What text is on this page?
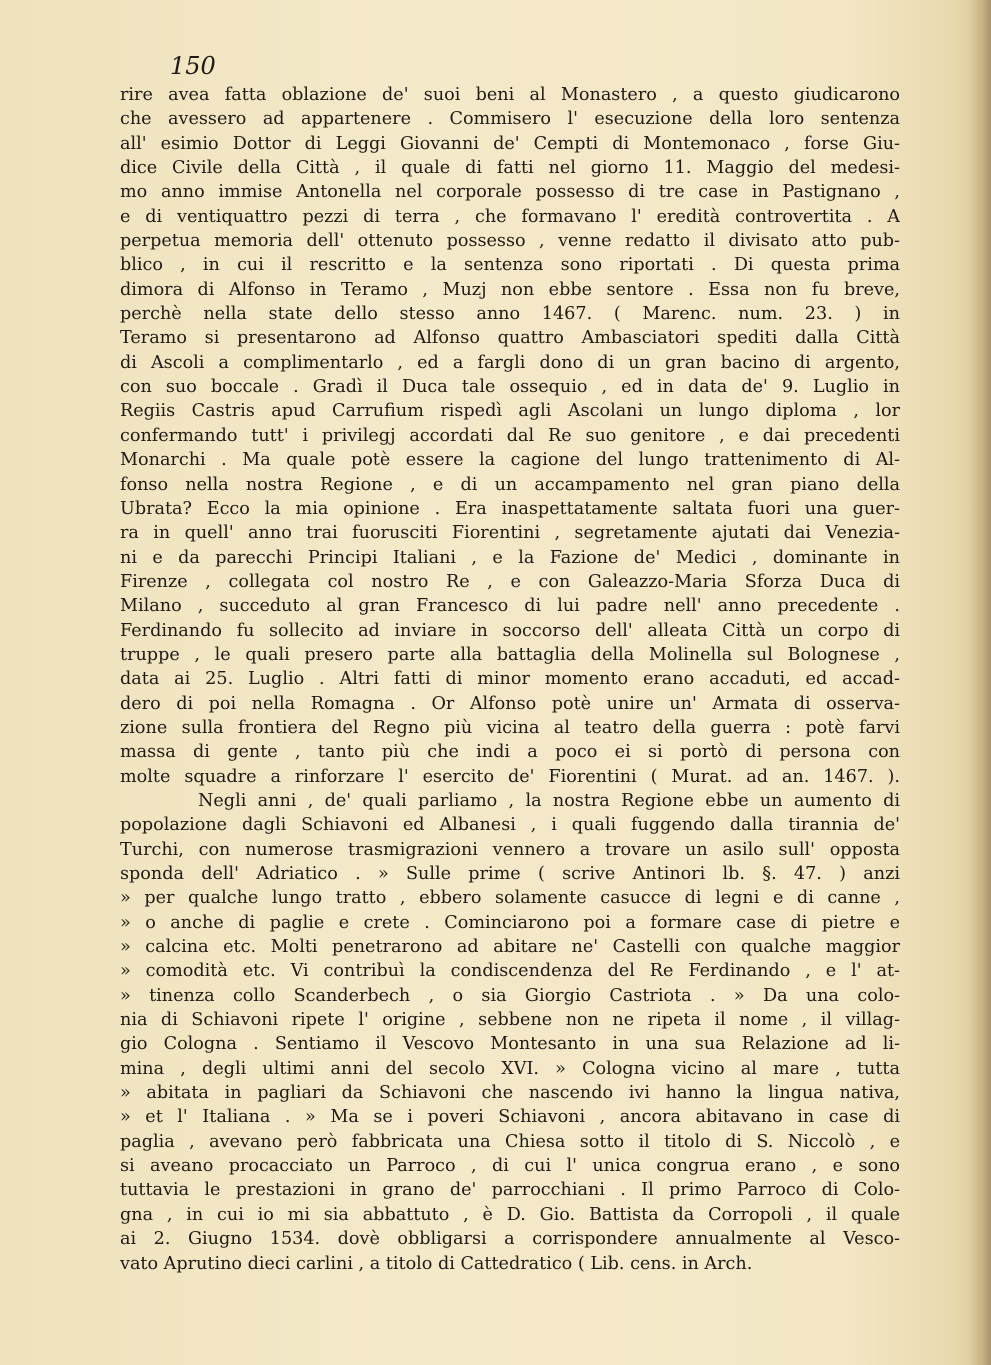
150
rire avea fatta oblazione de' suoi beni al Monastero , a questo giudicarono
che avessero ad appartenere . Commisero l' esecuzione della loro sentenza
all' esimio Dottor di Leggi Giovanni de' Cempti di Montemonaco , forse Giu-
dice Civile della Città , il quale di fatti nel giorno 11. Maggio del medesi-
mo anno immise Antonella nel corporale possesso di tre case in Pastignano ,
e di ventiquattro pezzi di terra , che formavano l' eredità controvertita . A
perpetua memoria dell' ottenuto possesso , venne redatto il divisato atto pub-
blico , in cui il rescritto e la sentenza sono riportati . Di questa prima
dimora di Alfonso in Teramo , Muzj non ebbe sentore . Essa non fu breve,
perchè nella state dello stesso anno 1467. ( Marenc. num. 23. ) in
Teramo si presentarono ad Alfonso quattro Ambasciatori spediti dalla Città
di Ascoli a complimentarlo , ed a fargli dono di un gran bacino di argento,
con suo boccale . Gradì il Duca tale ossequio , ed in data de' 9. Luglio in
Regiis Castris apud Carrufium rispedì agli Ascolani un lungo diploma , lor
confermando tutt' i privilegj accordati dal Re suo genitore , e dai precedenti
Monarchi . Ma quale potè essere la cagione del lungo trattenimento di Al-
fonso nella nostra Regione , e di un accampamento nel gran piano della
Ubrata? Ecco la mia opinione . Era inaspettatamente saltata fuori una guer-
ra in quell' anno trai fuorusciti Fiorentini , segretamente ajutati dai Venezia-
ni e da parecchi Principi Italiani , e la Fazione de' Medici , dominante in
Firenze , collegata col nostro Re , e con Galeazzo-Maria Sforza Duca di
Milano , succeduto al gran Francesco di lui padre nell' anno precedente .
Ferdinando fu sollecito ad inviare in soccorso dell' alleata Città un corpo di
truppe , le quali presero parte alla battaglia della Molinella sul Bolognese ,
data ai 25. Luglio . Altri fatti di minor momento erano accaduti, ed accad-
dero di poi nella Romagna . Or Alfonso potè unire un' Armata di osserva-
zione sulla frontiera del Regno più vicina al teatro della guerra : potè farvi
massa di gente , tanto più che indi a poco ei si portò di persona con
molte squadre a rinforzare l' esercito de' Fiorentini ( Murat. ad an. 1467. ).
Negli anni , de' quali parliamo , la nostra Regione ebbe un aumento di
popolazione dagli Schiavoni ed Albanesi , i quali fuggendo dalla tirannia de'
Turchi, con numerose trasmigrazioni vennero a trovare un asilo sull' opposta
sponda dell' Adriatico . » Sulle prime ( scrive Antinori lb. §. 47. ) anzi
» per qualche lungo tratto , ebbero solamente casucce di legni e di canne ,
» o anche di paglie e crete . Cominciarono poi a formare case di pietre e
» calcina etc. Molti penetrarono ad abitare ne' Castelli con qualche maggior
» comodità etc. Vi contribuì la condiscendenza del Re Ferdinando , e l' at-
» tinenza collo Scanderbech , o sia Giorgio Castriota . » Da una colo-
nia di Schiavoni ripete l' origine , sebbene non ne ripeta il nome , il villag-
gio Cologna . Sentiamo il Vescovo Montesanto in una sua Relazione ad li-
mina , degli ultimi anni del secolo XVI. » Cologna vicino al mare , tutta
» abitata in pagliari da Schiavoni che nascendo ivi hanno la lingua nativa,
» et l' Italiana . » Ma se i poveri Schiavoni , ancora abitavano in case di
paglia , avevano però fabbricata una Chiesa sotto il titolo di S. Niccolò , e
si aveano procacciato un Parroco , di cui l' unica congrua erano , e sono
tuttavia le prestazioni in grano de' parrocchiani . Il primo Parroco di Colo-
gna , in cui io mi sia abbattuto , è D. Gio. Battista da Corropoli , il quale
ai 2. Giugno 1534. dovè obbligarsi a corrispondere annualmente al Vesco-
vato Aprutino dieci carlini , a titolo di Cattedratico ( Lib. cens. in Arch.
